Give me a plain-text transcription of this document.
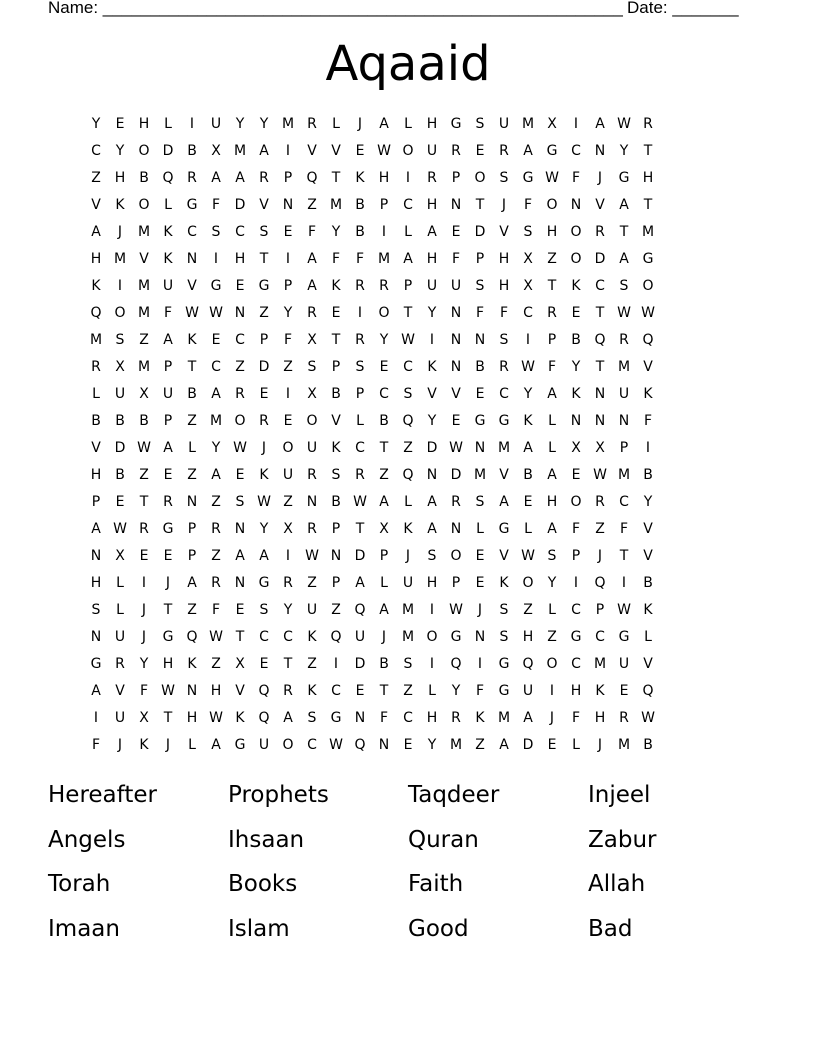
Name: _______________________________________________________ Date: _______
Aqaaid
Y	E	H	L	I	U	Y	Y M R	L	J	A	L	H G	S	U M X	I	A W R
C	Y	O D B	X M A	I	V	V	E W O U	R	E	R	A G C N	Y	T
Z H B Q R	A	A	R	P	Q	T	K	H	I	R	P	O	S	G W F	J	G H
V	K O	L	G	F	D V N Z M B	P	C H N	T	J	F	O N V	A	T
A	J	M K	C	S	C	S	E	F	Y	B	I	L	A	E	D V	S	H O R	T M
H M V	K	N	I	H	T	I	A	F	F M A H	F	P	H X	Z O D A G
K	I	M U	V G	E	G	P	A	K	R	R	P	U U	S	H X	T	K	C	S	O
Q O M F W W N Z	Y	R	E	I	O	T	Y	N	F	F	C	R	E	T W W
M S	Z	A	K	E	C	P	F	X	T	R	Y W	I	N N	S	I	P	B Q R Q
R	X M P	T	C	Z D Z	S	P	S	E	C	K	N B	R W F	Y	T M V
L	U	X	U	B	A	R	E	I	X	B	P	C	S	V	V	E	C	Y	A	K	N U	K
B	B	B	P	Z M O R	E	O V	L	B Q	Y	E	G G K	L	N N N	F
V D W A	L	Y W	J	O U	K	C	T	Z D W N M A	L	X	X	P	I
H B	Z	E	Z	A	E	K	U	R	S	R	Z Q N D M V	B	A	E W M B
P	E	T	R N Z	S W Z N B W A	L	A	R	S	A	E	H O R	C	Y
A W R G	P	R N	Y	X	R	P	T	X	K	A N	L	G	L	A	F	Z	F	V
N X	E	E	P	Z	A	A	I	W N D	P	J	S	O	E	V W S	P	J	T	V
H	L	I	J	A	R N G R	Z	P	A	L	U H	P	E	K O	Y	I	Q	I	B
S	L	J	T	Z	F	E	S	Y	U	Z Q A M	I	W	J	S	Z	L	C	P W K
N U	J	G Q W T	C	C	K Q U	J	M O G N	S	H Z G C G	L
G R	Y	H	K	Z	X	E	T	Z	I	D B	S	I	Q	I	G Q O C M U	V
A	V	F W N H V Q R	K	C	E	T	Z	L	Y	F	G U	I	H	K	E	Q
I	U	X	T	H W K Q A	S	G N	F	C H R	K M A	J	F	H R W
F	J	K	J	L	A G U O C W Q N	E	Y M Z	A D	E	L	J	M B
Hereafter	Prophets	Taqdeer	Injeel
Angels	Ihsaan	Quran	Zabur
Torah	Books	Faith	Allah
Imaan	Islam	Good	Bad
